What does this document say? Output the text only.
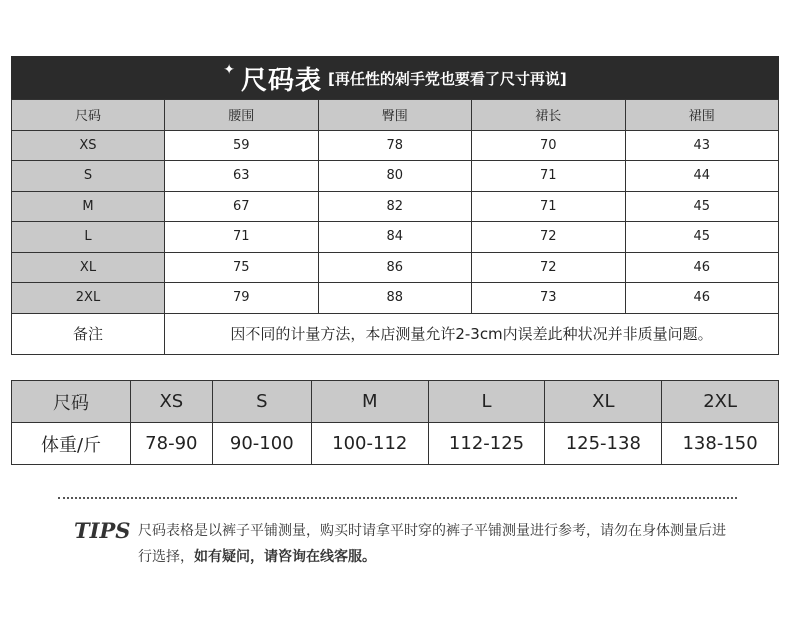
✦ 尺码表 [再任性的剁手党也要看了尺寸再说]
尺码	腰围	臀围	裙长	裙围
XS	59	78	70	43
S	63	80	71	44
M	67	82	71	45
L	71	84	72	45
XL	75	86	72	46
2XL	79	88	73	46
备注	因不同的计量方法，本店测量允许2-3cm内误差此种状况并非质量问题。			
尺码	XS	S	M	L	XL	2XL
体重/斤	78-90	90-100	100-112	112-125	125-138	138-150
TIPS 尺码表格是以裤子平铺测量，购买时请拿平时穿的裤子平铺测量进行参考，请勿在身体测量后进行选择，如有疑问，请咨询在线客服。
